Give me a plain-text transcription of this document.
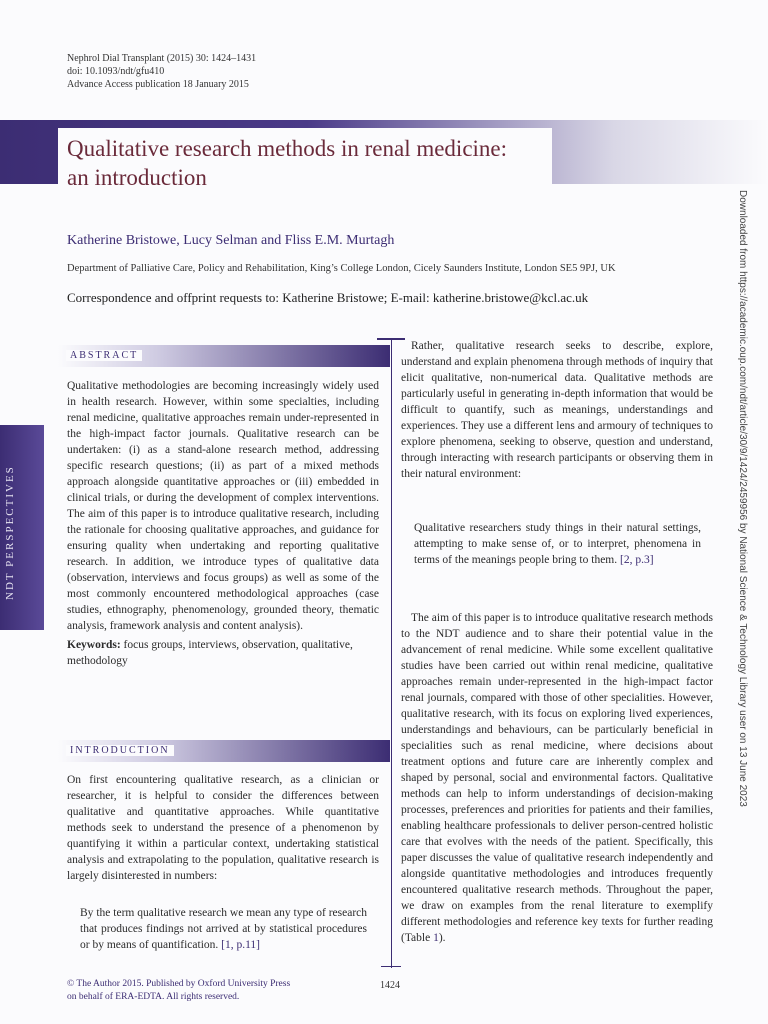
Nephrol Dial Transplant (2015) 30: 1424–1431
doi: 10.1093/ndt/gfu410
Advance Access publication 18 January 2015
Qualitative research methods in renal medicine:
an introduction
Katherine Bristowe, Lucy Selman and Fliss E.M. Murtagh
Department of Palliative Care, Policy and Rehabilitation, King’s College London, Cicely Saunders Institute, London SE5 9PJ, UK
Correspondence and offprint requests to: Katherine Bristowe; E-mail: katherine.bristowe@kcl.ac.uk
NDT PERSPECTIVES	Downloaded from https://academic.oup.com/ndt/article/30/9/1424/2459956 by National Science & Technology Library user on 13 June 2023
ABSTRACT

Qualitative methodologies are becoming increasingly widely used in health research. However, within some specialties, including renal medicine, qualitative approaches remain under-represented in the high-impact factor journals. Qualitative research can be undertaken: (i) as a stand-alone research method, addressing specific research questions; (ii) as part of a mixed methods approach alongside quantitative approaches or (iii) embedded in clinical trials, or during the development of complex interventions. The aim of this paper is to introduce qualitative research, including the rationale for choosing qualitative approaches, and guidance for ensuring quality when undertaking and reporting qualitative research. In addition, we introduce types of qualitative data (observation, interviews and focus groups) as well as some of the most commonly encountered methodological approaches (case studies, ethnography, phenomenology, grounded theory, thematic analysis, framework analysis and content analysis).

Keywords: focus groups, interviews, observation, qualitative, methodology

INTRODUCTION

On first encountering qualitative research, as a clinician or researcher, it is helpful to consider the differences between qualitative and quantitative approaches. While quantitative methods seek to understand the presence of a phenomenon by quantifying it within a particular context, undertaking statistical analysis and extrapolating to the population, qualitative research is largely disinterested in numbers:

By the term qualitative research we mean any type of research that produces findings not arrived at by statistical procedures or by means of quantification. [1, p.11]

Rather, qualitative research seeks to describe, explore, understand and explain phenomena through methods of inquiry that elicit qualitative, non-numerical data. Qualitative methods are particularly useful in generating in-depth information that would be difficult to quantify, such as meanings, understandings and experiences. They use a different lens and armoury of techniques to explore phenomena, seeking to observe, question and understand, through interacting with research participants or observing them in their natural environment:

Qualitative researchers study things in their natural settings, attempting to make sense of, or to interpret, phenomena in terms of the meanings people bring to them. [2, p.3]

The aim of this paper is to introduce qualitative research methods to the NDT audience and to share their potential value in the advancement of renal medicine. While some excellent qualitative studies have been carried out within renal medicine, qualitative approaches remain under-represented in the high-impact factor renal journals, compared with those of other specialities. However, qualitative research, with its focus on exploring lived experiences, understandings and behaviours, can be particularly beneficial in specialities such as renal medicine, where decisions about treatment options and future care are inherently complex and shaped by personal, social and environmental factors. Qualitative methods can help to inform understandings of decision-making processes, preferences and priorities for patients and their families, enabling healthcare professionals to deliver person-centred holistic care that evolves with the needs of the patient. Specifically, this paper discusses the value of qualitative research independently and alongside quantitative methodologies and introduces frequently encountered qualitative research methods. Throughout the paper, we draw on examples from the renal literature to exemplify different methodologies and reference key texts for further reading (Table 1).

© The Author 2015. Published by Oxford University Press
on behalf of ERA-EDTA. All rights reserved.
1424
